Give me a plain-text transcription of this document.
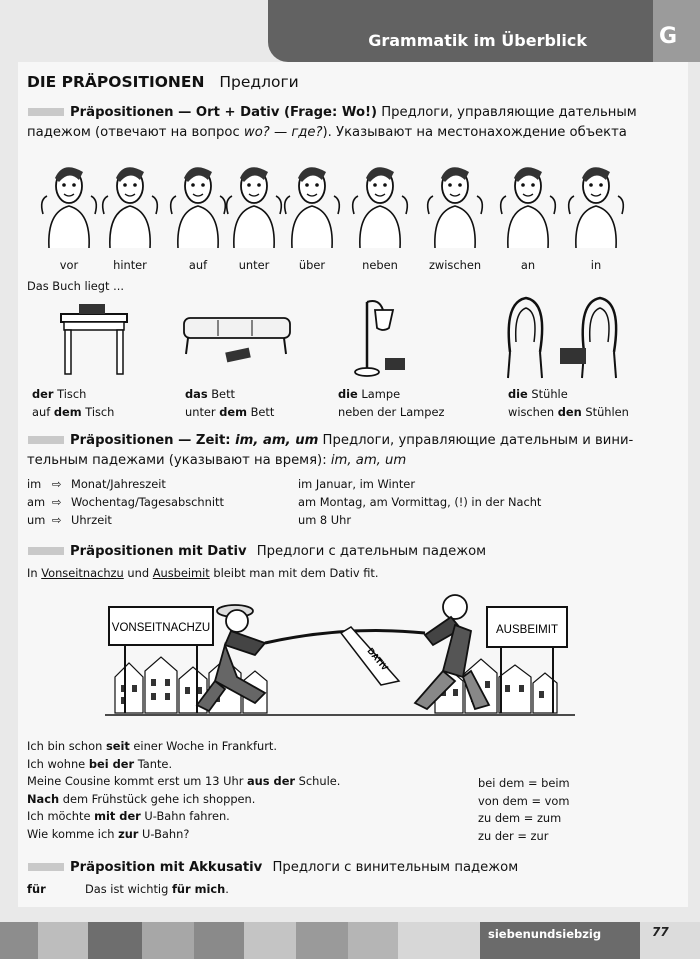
Grammatik im Überblick	G
DIE PRÄPOSITIONEN Предлоги
Präpositionen — Ort + Dativ (Frage: Wo!) Предлоги, управляющие дательным
падежом (отвечают на вопрос wo? — где?). Указывают на местонахождение объекта
vor	hinter	auf	unter	über	neben	zwischen	an	in
Das Buch liegt ...
der Tisch
auf dem Tisch
das Bett
unter dem Bett
die Lampe
neben der Lampez
die Stühle
wischen den Stühlen
Präpositionen — Zeit: im, am, um Предлоги, управляющие дательным и вини-
тельным падежами (указывают на время): im, am, um
im ⇨ Monat/Jahreszeit	im Januar, im Winter
am ⇨ Wochentag/Tagesabschnitt	am Montag, am Vormittag, (!) in der Nacht
um ⇨ Uhrzeit	um 8 Uhr
Präpositionen mit Dativ Предлоги с дательным падежом
In Vonseitnachzu und Ausbeimit bleibt man mit dem Dativ fit.
VONSEITNACHZU	AUSBEIMIT
DATIV
Ich bin schon seit einer Woche in Frankfurt.
Ich wohne bei der Tante.
Meine Cousine kommt erst um 13 Uhr aus der Schule.
Nach dem Frühstück gehe ich shoppen.
Ich möchte mit der U-Bahn fahren.
Wie komme ich zur U-Bahn?
bei dem = beim
von dem = vom
zu dem = zum
zu der = zur
Präposition mit Akkusativ Предлоги с винительным падежом
für	Das ist wichtig für mich.
siebenundsiebzig	77
